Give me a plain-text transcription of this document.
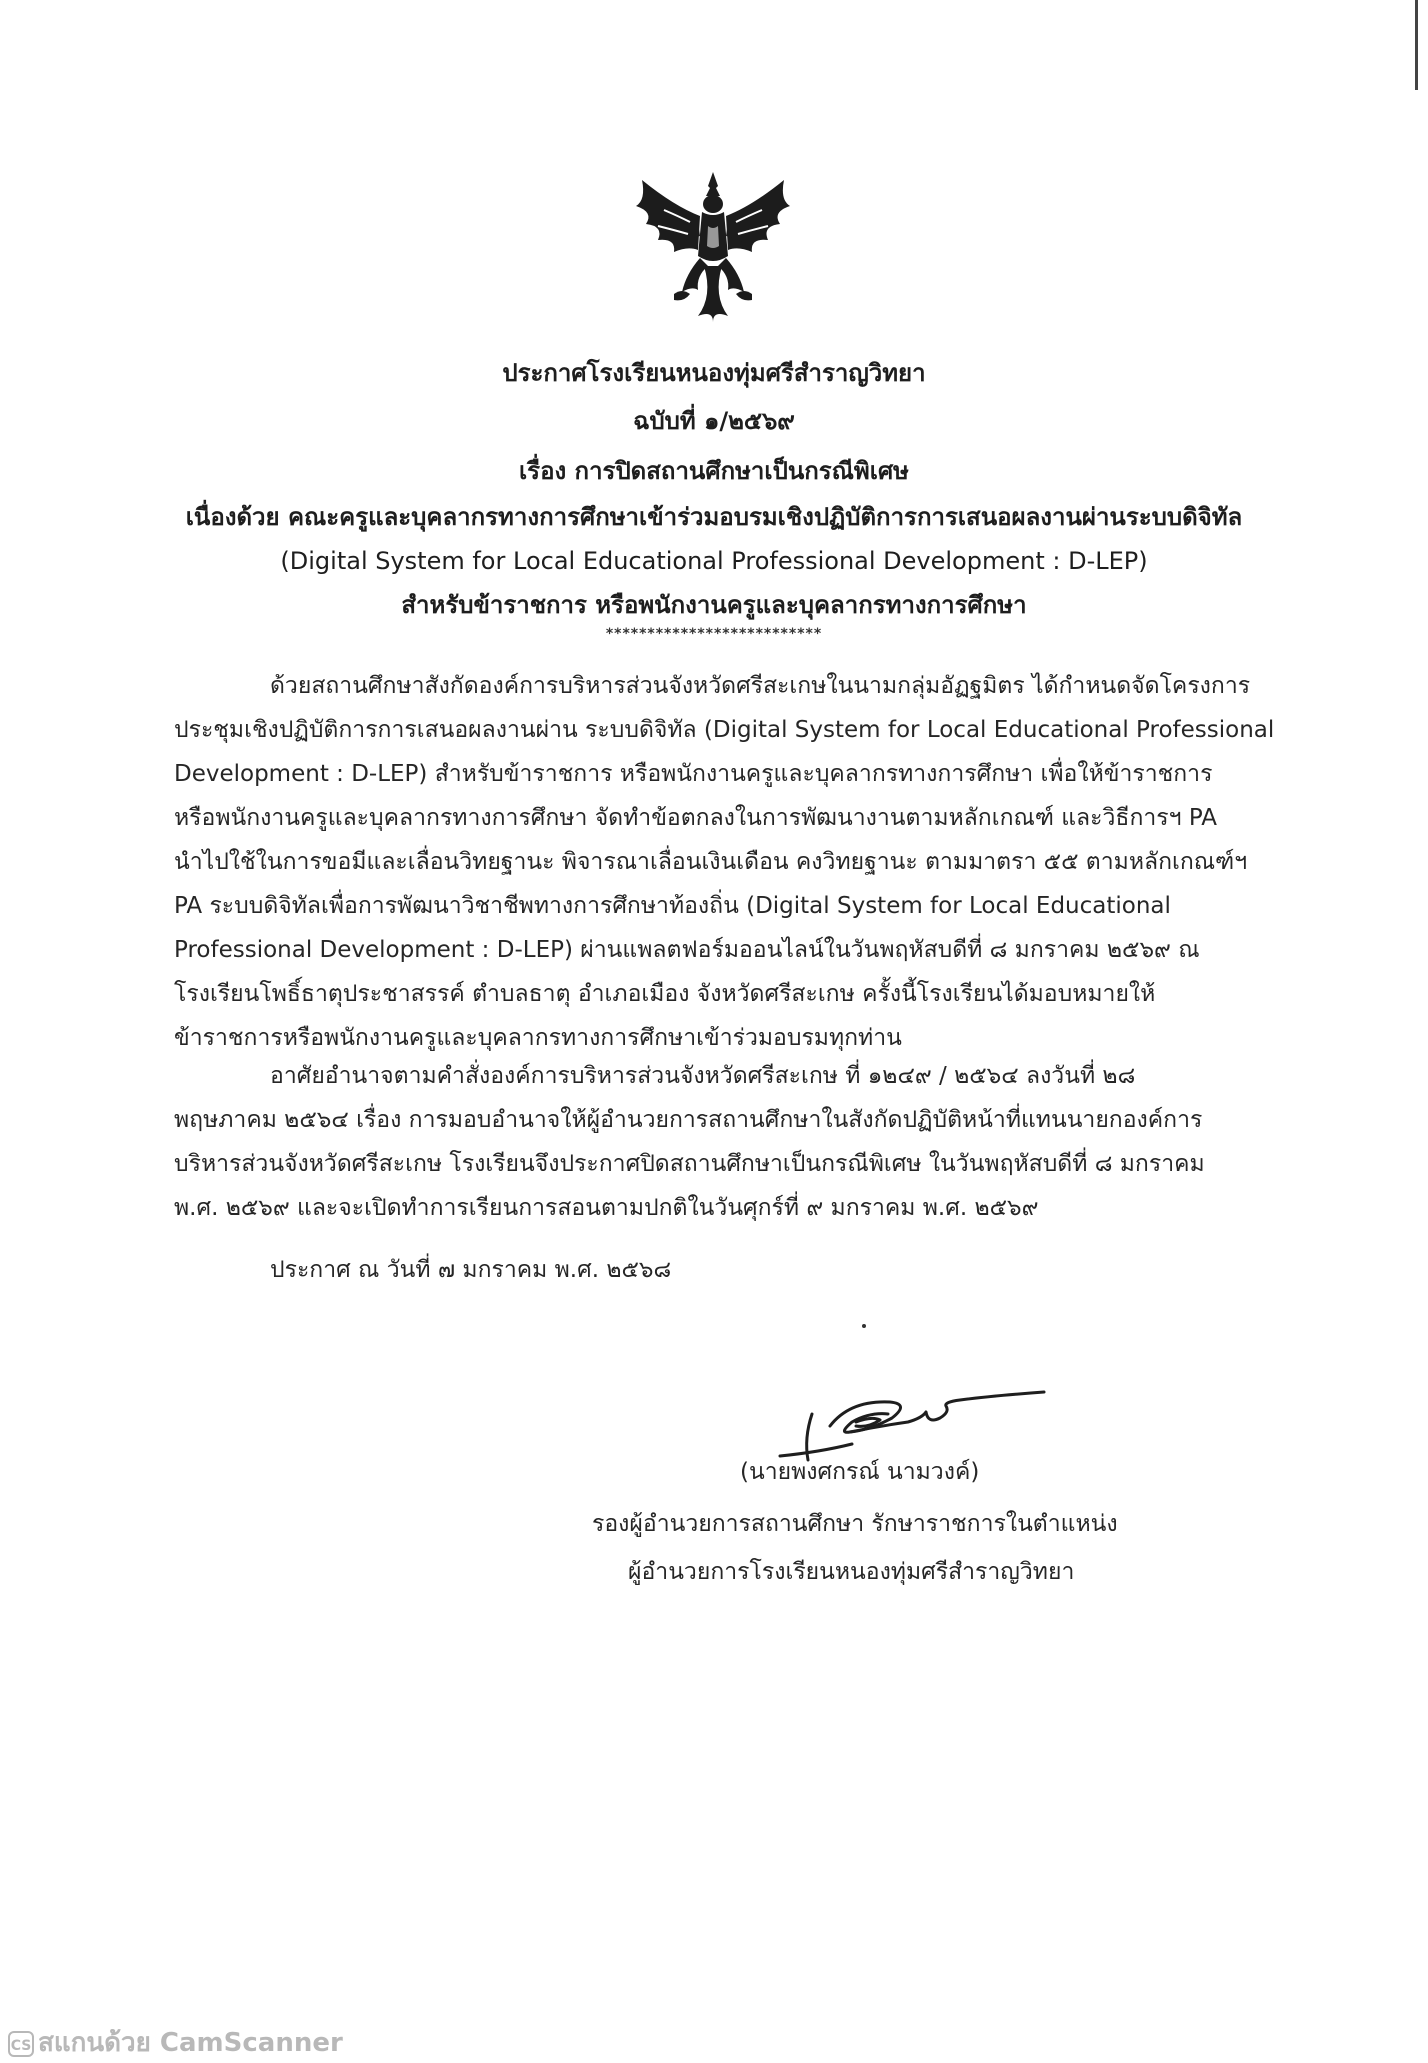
ประกาศโรงเรียนหนองทุ่มศรีสำราญวิทยา
ฉบับที่ ๑/๒๕๖๙
เรื่อง การปิดสถานศึกษาเป็นกรณีพิเศษ
เนื่องด้วย คณะครูและบุคลากรทางการศึกษาเข้าร่วมอบรมเชิงปฏิบัติการการเสนอผลงานผ่านระบบดิจิทัล
(Digital System for Local Educational Professional Development : D-LEP)
สำหรับข้าราชการ หรือพนักงานครูและบุคลากรทางการศึกษา
**************************
ด้วยสถานศึกษาสังกัดองค์การบริหารส่วนจังหวัดศรีสะเกษในนามกลุ่มอัฏฐมิตร ได้กำหนดจัดโครงการ
ประชุมเชิงปฏิบัติการการเสนอผลงานผ่าน ระบบดิจิทัล (Digital System for Local Educational Professional
Development : D-LEP) สำหรับข้าราชการ หรือพนักงานครูและบุคลากรทางการศึกษา เพื่อให้ข้าราชการ
หรือพนักงานครูและบุคลากรทางการศึกษา จัดทำข้อตกลงในการพัฒนางานตามหลักเกณฑ์ และวิธีการฯ PA
นำไปใช้ในการขอมีและเลื่อนวิทยฐานะ พิจารณาเลื่อนเงินเดือน คงวิทยฐานะ ตามมาตรา ๕๕ ตามหลักเกณฑ์ฯ
PA ระบบดิจิทัลเพื่อการพัฒนาวิชาชีพทางการศึกษาท้องถิ่น (Digital System for Local Educational
Professional Development : D-LEP) ผ่านแพลตฟอร์มออนไลน์ในวันพฤหัสบดีที่ ๘ มกราคม ๒๕๖๙ ณ
โรงเรียนโพธิ์ธาตุประชาสรรค์ ตำบลธาตุ อำเภอเมือง จังหวัดศรีสะเกษ ครั้งนี้โรงเรียนได้มอบหมายให้
ข้าราชการหรือพนักงานครูและบุคลากรทางการศึกษาเข้าร่วมอบรมทุกท่าน
อาศัยอำนาจตามคำสั่งองค์การบริหารส่วนจังหวัดศรีสะเกษ ที่ ๑๒๔๙ / ๒๕๖๔ ลงวันที่ ๒๘
พฤษภาคม ๒๕๖๔ เรื่อง การมอบอำนาจให้ผู้อำนวยการสถานศึกษาในสังกัดปฏิบัติหน้าที่แทนนายกองค์การ
บริหารส่วนจังหวัดศรีสะเกษ โรงเรียนจึงประกาศปิดสถานศึกษาเป็นกรณีพิเศษ ในวันพฤหัสบดีที่ ๘ มกราคม
พ.ศ. ๒๕๖๙ และจะเปิดทำการเรียนการสอนตามปกติในวันศุกร์ที่ ๙ มกราคม พ.ศ. ๒๕๖๙
ประกาศ ณ วันที่ ๗ มกราคม พ.ศ. ๒๕๖๘
(นายพงศกรณ์ นามวงค์)
รองผู้อำนวยการสถานศึกษา รักษาราชการในตำแหน่ง
ผู้อำนวยการโรงเรียนหนองทุ่มศรีสำราญวิทยา
CS สแกนด้วย CamScanner
